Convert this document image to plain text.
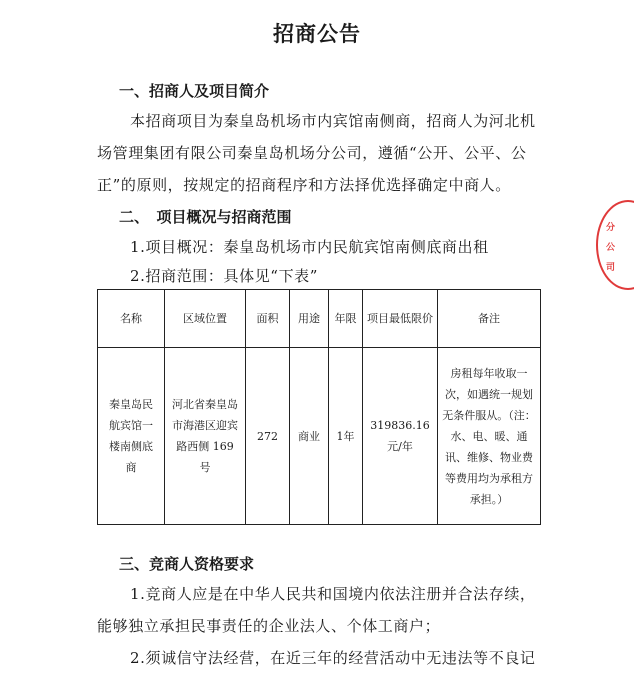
招商公告
一、招商人及项目简介
本招商项目为秦皇岛机场市内宾馆南侧商，招商人为河北机
场管理集团有限公司秦皇岛机场分公司，遵循“公开、公平、公
正”的原则，按规定的招商程序和方法择优选择确定中商人。
二、　项目概况与招商范围
1.项目概况：秦皇岛机场市内民航宾馆南侧底商出租
2.招商范围：具体见“下表”
分
公
司
名称	区域位置	面积	用途	年限	项目最低限价	备注
秦皇岛民航宾馆一楼南侧底商	河北省秦皇岛市海港区迎宾路西侧 169 号	272	商业	1年	319836.16元/年	房租每年收取一次，如遇统一规划无条件服从。（注：水、电、暖、通讯、维修、物业费等费用均为承租方承担。）
三、竞商人资格要求
1.竞商人应是在中华人民共和国境内依法注册并合法存续，
能够独立承担民事责任的企业法人、个体工商户；
2.须诚信守法经营，在近三年的经营活动中无违法等不良记
